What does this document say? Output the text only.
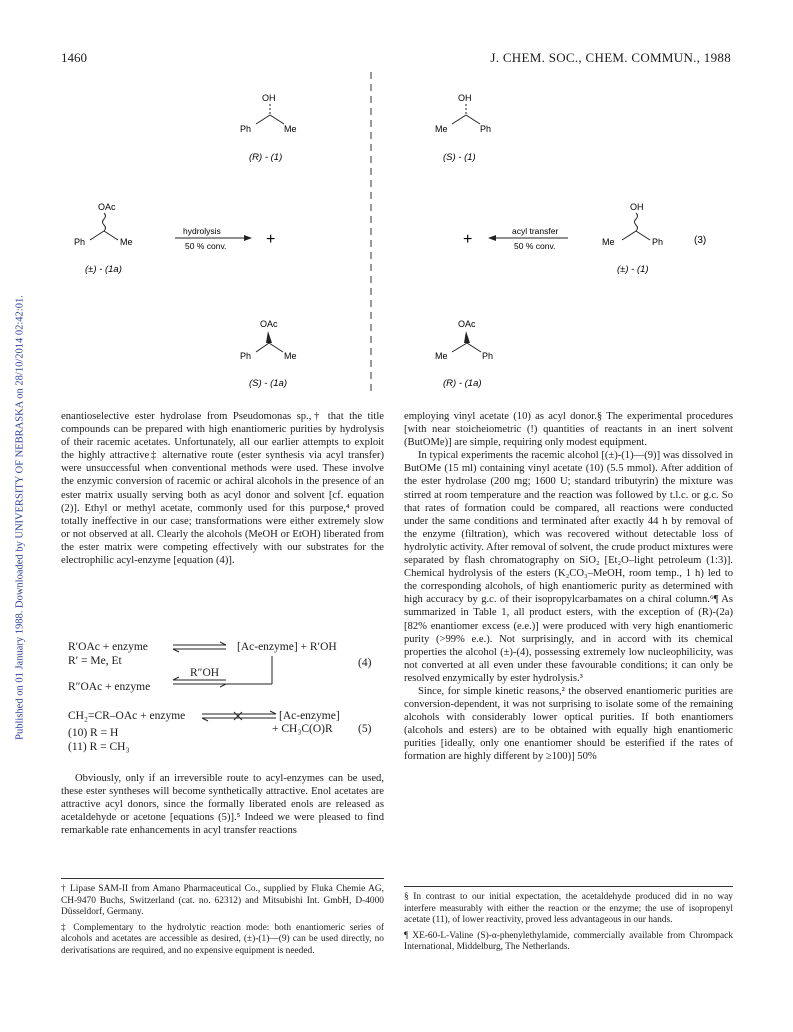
1460	J. CHEM. SOC., CHEM. COMMUN., 1988
Published on 01 January 1988. Downloaded by UNIVERSITY OF NEBRASKA on 28/10/2014 02:42:01.
OH
Ph	Me
(R) - (1)
OAc
Ph	Me
(±) - (1a)
hydrolysis
50 % conv. +
OAc
Ph	Me
(S) - (1a)
OH
Me	Ph
(S) - (1)
+	acyl transfer
50 % conv.
OH
Me	Ph
(±) - (1)
(3)
OAc
Me	Ph
(R) - (1a)

enantioselective ester hydrolase from Pseudomonas sp.,† that the title compounds can be prepared with high enantiomeric purities by hydrolysis of their racemic acetates. Unfortunately, all our earlier attempts to exploit the highly attractive‡ alternative route (ester synthesis via acyl transfer) were unsuccessful when conventional methods were used. These involve the enzymic conversion of racemic or achiral alcohols in the presence of an ester matrix usually serving both as acyl donor and solvent [cf. equation (2)]. Ethyl or methyl acetate, commonly used for this purpose,⁴ proved totally ineffective in our case; transformations were either extremely slow or not observed at all. Clearly the alcohols (MeOH or EtOH) liberated from the ester matrix were competing effectively with our substrates for the electrophilic acyl-enzyme [equation (4)].

R′OAc + enzyme	[Ac-enzyme] + R′OH
R′ = Me, Et	(4)
R″OH
R″OAc + enzyme
CH₂=CR–OAc + enzyme	[Ac-enzyme]
+ CH₃C(O)R (5)
(10) R = H
(11) R = CH₃

Obviously, only if an irreversible route to acyl-enzymes can be used, these ester syntheses will become synthetically attractive. Enol acetates are attractive acyl donors, since the formally liberated enols are released as acetaldehyde or acetone [equations (5)].⁵ Indeed we were pleased to find remarkable rate enhancements in acyl transfer reactions

employing vinyl acetate (10) as acyl donor.§ The experimental procedures [with near stoicheiometric (!) quantities of reactants in an inert solvent (ButOMe)] are simple, requiring only modest equipment.

In typical experiments the racemic alcohol [(±)-(1)—(9)] was dissolved in ButOMe (15 ml) containing vinyl acetate (10) (5.5 mmol). After addition of the ester hydrolase (200 mg; 1600 U; standard tributyrin) the mixture was stirred at room temperature and the reaction was followed by t.l.c. or g.c. So that rates of formation could be compared, all reactions were conducted under the same conditions and terminated after exactly 44 h by removal of the enzyme (filtration), which was recovered without detectable loss of hydrolytic activity. After removal of solvent, the crude product mixtures were separated by flash chromatography on SiO₂ [Et₂O–light petroleum (1:3)]. Chemical hydrolysis of the esters (K₂CO₃–MeOH, room temp., 1 h) led to the corresponding alcohols, of high enantiomeric purity as determined with high accuracy by g.c. of their isopropylcarbamates on a chiral column.⁶¶ As summarized in Table 1, all product esters, with the exception of (R)-(2a) [82% enantiomer excess (e.e.)] were produced with very high enantiomeric purity (>99% e.e.). Not surprisingly, and in accord with its chemical properties the alcohol (±)-(4), possessing extremely low nucleophilicity, was not converted at all even under these favourable conditions; it can only be resolved enzymically by ester hydrolysis.³

Since, for simple kinetic reasons,² the observed enantiomeric purities are conversion-dependent, it was not surprising to isolate some of the remaining alcohols with considerably lower optical purities. If both enantiomers (alcohols and esters) are to be obtained with equally high enantiomeric purities [ideally, only one enantiomer should be esterified if the rates of formation are highly different by ≥100)] 50%

† Lipase SAM-II from Amano Pharmaceutical Co., supplied by Fluka Chemie AG, CH-9470 Buchs, Switzerland (cat. no. 62312) and Mitsubishi Int. GmbH, D-4000 Düsseldorf, Germany.

‡ Complementary to the hydrolytic reaction mode: both enantiomeric series of alcohols and acetates are accessible as desired, (±)-(1)—(9) can be used directly, no derivatisations are required, and no expensive equipment is needed.

§ In contrast to our initial expectation, the acetaldehyde produced did in no way interfere measurably with either the reaction or the enzyme; the use of isopropenyl acetate (11), of lower reactivity, proved less advantageous in our hands.

¶ XE-60-L-Valine (S)-α-phenylethylamide, commercially available from Chrompack International, Middelburg, The Netherlands.
